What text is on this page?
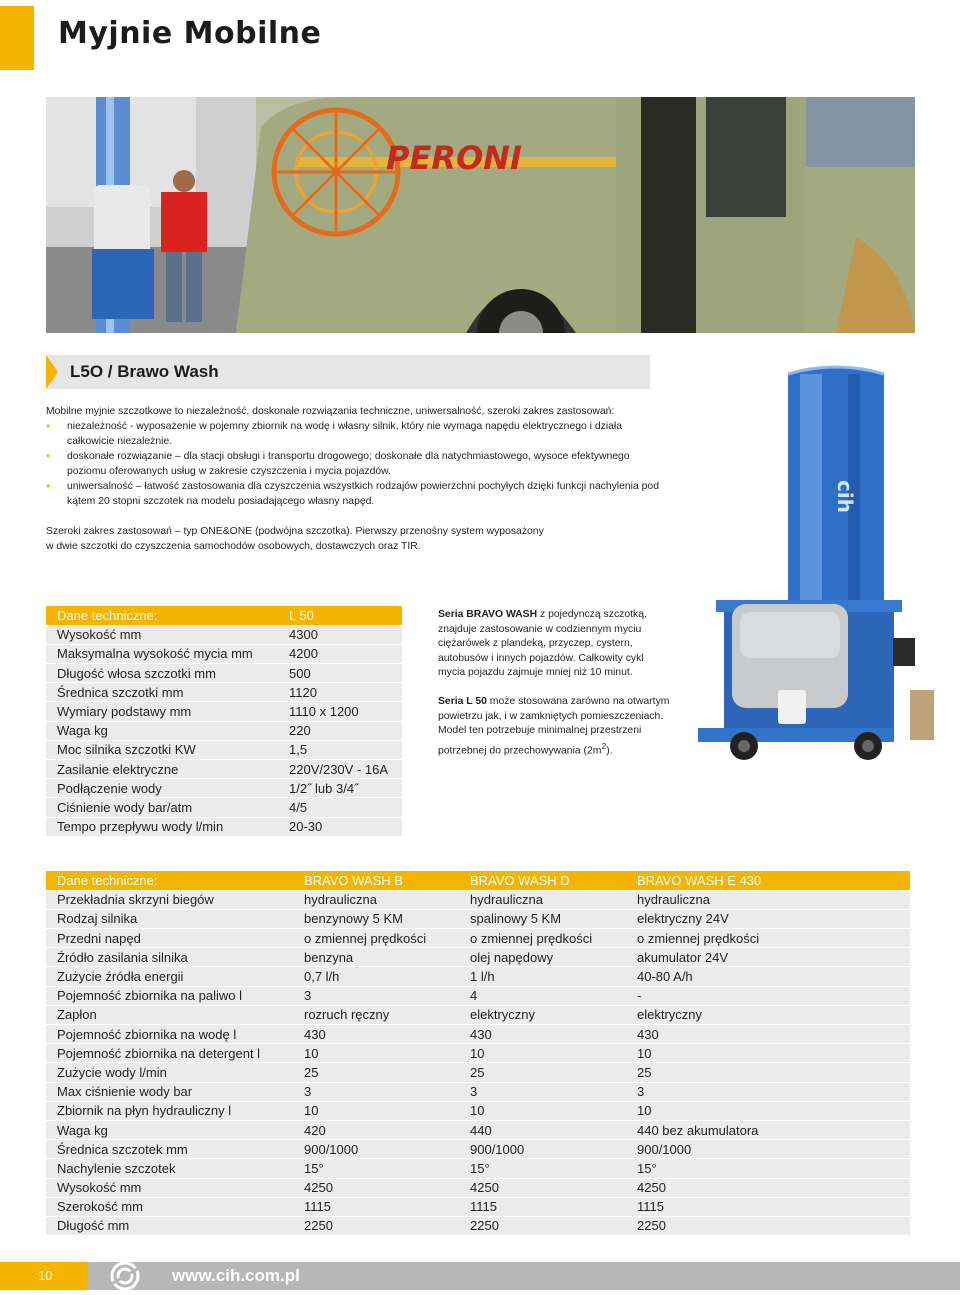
Myjnie Mobilne
PERONI
L5O / Brawo Wash

Mobilne myjnie szczotkowe to niezależność, doskonałe rozwiązania techniczne, uniwersalność, szeroki zakres zastosowań:

• niezależność - wyposażenie w pojemny zbiornik na wodę i własny silnik, który nie wymaga napędu elektrycznego i działa całkowicie niezależnie.
• doskonałe rozwiązanie – dla stacji obsługi i transportu drogowego; doskonałe dla natychmiastowego, wysoce efektywnego poziomu oferowanych usług w zakresie czyszczenia i mycia pojazdów.
• uniwersalność – łatwość zastosowania dla czyszczenia wszystkich rodzajów powierzchni pochyłych dzięki funkcji nachylenia pod kątem 20 stopni szczotek na modelu posiadającego własny napęd.

Szeroki zakres zastosowań – typ ONE&ONE (podwójna szczotka). Pierwszy przenośny system wyposażony

w dwie szczotki do czyszczenia samochodów osobowych, dostawczych oraz TIR.

Dane techniczne:	L 50
Wysokość mm	4300
Maksymalna wysokość mycia mm	4200
Długość włosa szczotki mm	500
Średnica szczotki mm	1120
Wymiary podstawy mm	1110 x 1200
Waga kg	220
Moc silnika szczotki KW	1,5
Zasilanie elektryczne	220V/230V - 16A
Podłączenie wody	1/2˝ lub 3/4˝
Ciśnienie wody bar/atm	4/5
Tempo przepływu wody l/min	20-30

Seria BRAVO WASH z pojedynczą szczotką, znajduje zastosowanie w codziennym myciu ciężarówek z plandeką, przyczep, cystern, autobusów i innych pojazdów. Całkowity cykl mycia pojazdu zajmuje mniej niż 10 minut.

Seria L 50 może stosowana zarówno na otwartym powietrzu jak, i w zamkniętych pomieszczeniach.
Model ten potrzebuje minimalnej przestrzeni potrzebnej do przechowywania $(2m^2)$.

cih
Dane techniczne:	BRAVO WASH B	BRAVO WASH D	BRAVO WASH E 430
Przekładnia skrzyni biegów	hydrauliczna	hydrauliczna	hydrauliczna
Rodzaj silnika	benzynowy 5 KM	spalinowy 5 KM	elektryczny 24V
Przedni napęd	o zmiennej prędkości	o zmiennej prędkości	o zmiennej prędkości
Źródło zasilania silnika	benzyna	olej napędowy	akumulator 24V
Zużycie źródła energii	0,7 l/h	1 l/h	40-80 A/h
Pojemność zbiornika na paliwo l	3	4	-
Zapłon	rozruch ręczny	elektryczny	elektryczny
Pojemność zbiornika na wodę l	430	430	430
Pojemność zbiornika na detergent l	10	10	10
Zużycie wody l/min	25	25	25
Max ciśnienie wody bar	3	3	3
Zbiornik na płyn hydrauliczny l	10	10	10
Waga kg	420	440	440 bez akumulatora
Średnica szczotek mm	900/1000	900/1000	900/1000
Nachylenie szczotek	15°	15°	15°
Wysokość mm	4250	4250	4250
Szerokość mm	1115	1115	1115
Długość mm	2250	2250	2250
10	www.cih.com.pl
